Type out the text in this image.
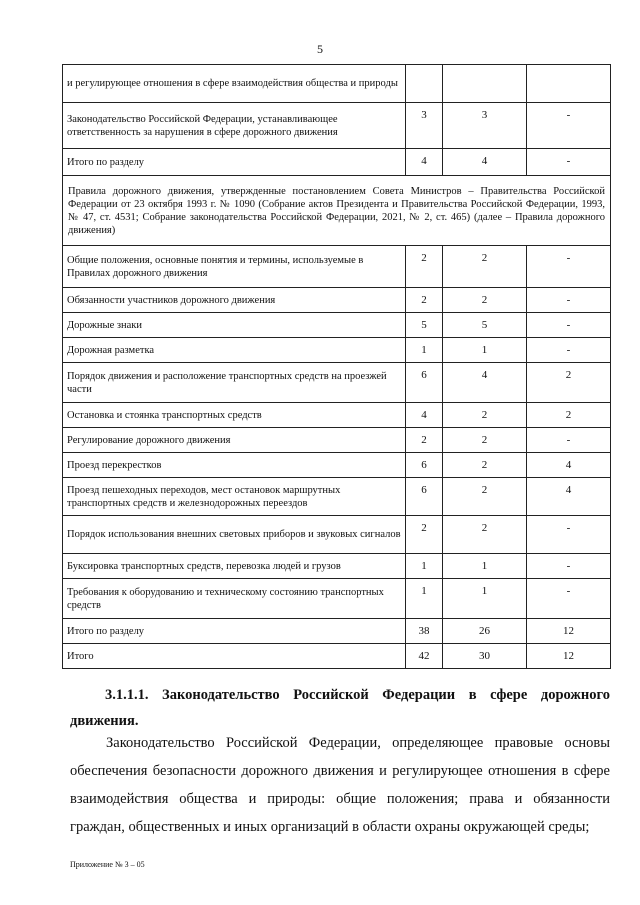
5
и регулирующее отношения в сфере взаимодействия общества и природы			
Законодательство Российской Федерации, устанавливающее ответственность за нарушения в сфере дорожного движения	3	3	-
Итого по разделу	4	4	-
Правила дорожного движения, утвержденные постановлением Совета Министров – Правительства Российской Федерации от 23 октября 1993 г. № 1090 (Собрание актов Президента и Правительства Российской Федерации, 1993, № 47, ст. 4531; Собрание законодательства Российской Федерации, 2021, № 2, ст. 465) (далее – Правила дорожного движения)			
Общие положения, основные понятия и термины, используемые в Правилах дорожного движения	2	2	-
Обязанности участников дорожного движения	2	2	-
Дорожные знаки	5	5	-
Дорожная разметка	1	1	-
Порядок движения и расположение транспортных средств на проезжей части	6	4	2
Остановка и стоянка транспортных средств	4	2	2
Регулирование дорожного движения	2	2	-
Проезд перекрестков	6	2	4
Проезд пешеходных переходов, мест остановок маршрутных транспортных средств и железнодорожных переездов	6	2	4
Порядок использования внешних световых приборов и звуковых сигналов	2	2	-
Буксировка транспортных средств, перевозка людей и грузов	1	1	-
Требования к оборудованию и техническому состоянию транспортных средств	1	1	-
Итого по разделу	38	26	12
Итого	42	30	12
3.1.1.1. Законодательство Российской Федерации в сфере дорожного
движения.
Законодательство Российской Федерации, определяющее правовые основы обеспечения безопасности дорожного движения и регулирующее отношения в сфере взаимодействия общества и природы: общие положения; права и обязанности граждан, общественных и иных организаций в области охраны окружающей среды;
Приложение № 3 – 05
